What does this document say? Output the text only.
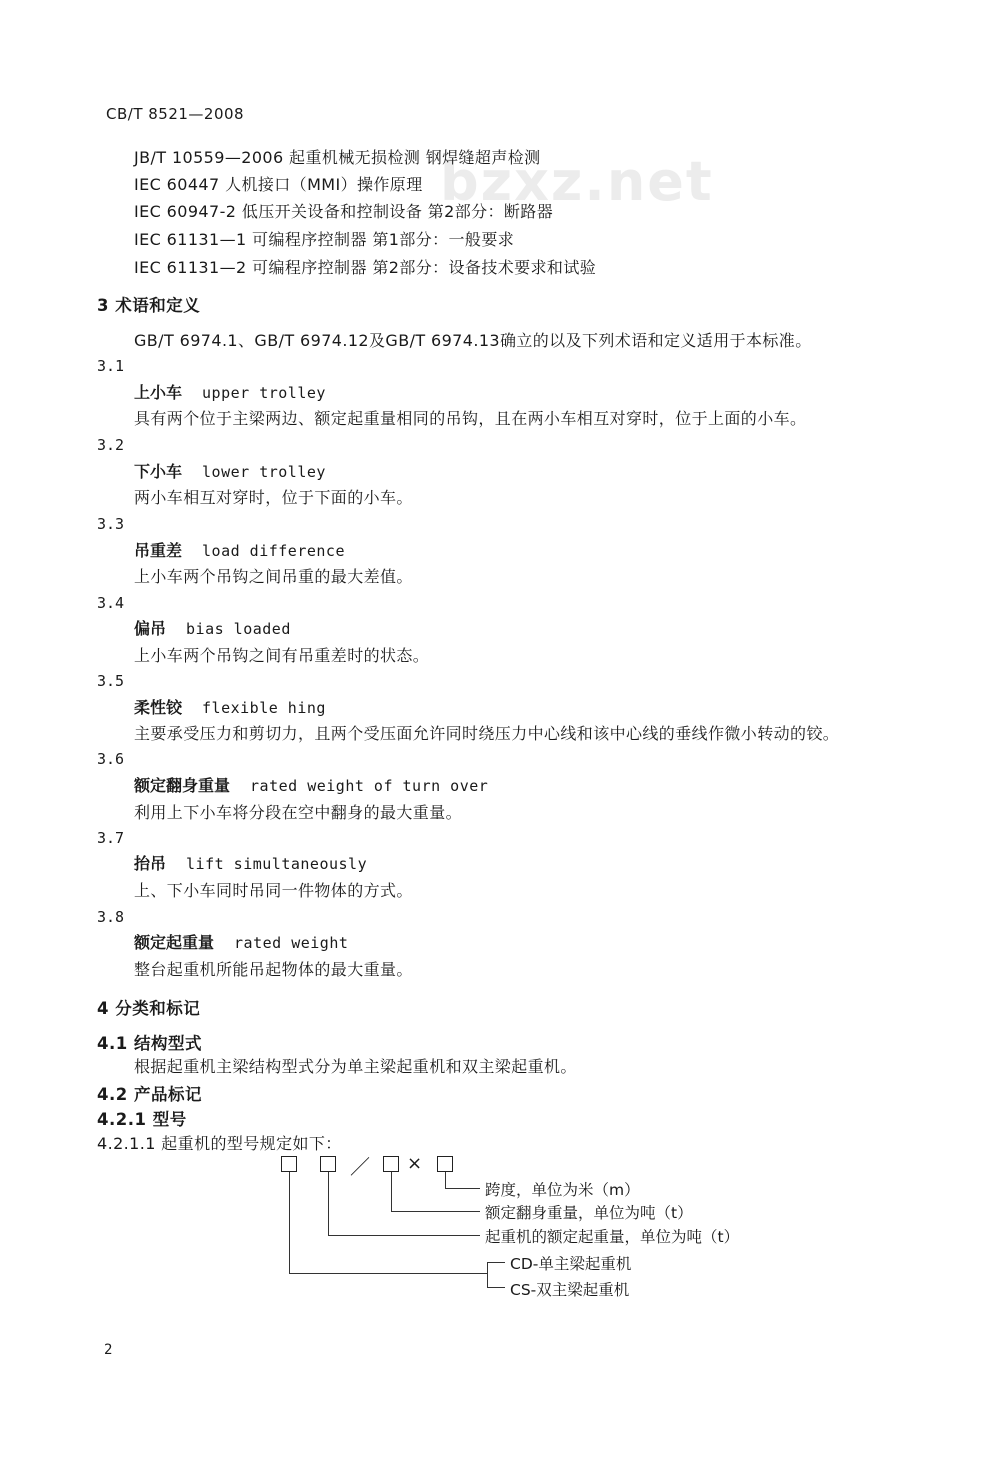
bzxz.net
CB/T 8521—2008
JB/T 10559—2006 起重机械无损检测 钢焊缝超声检测
IEC 60447 人机接口（MMI）操作原理
IEC 60947-2 低压开关设备和控制设备 第2部分：断路器
IEC 61131—1 可编程序控制器 第1部分：一般要求
IEC 61131—2 可编程序控制器 第2部分：设备技术要求和试验
3 术语和定义
GB/T 6974.1、GB/T 6974.12及GB/T 6974.13确立的以及下列术语和定义适用于本标准。
3.1
上小车 upper trolley
具有两个位于主梁两边、额定起重量相同的吊钩，且在两小车相互对穿时，位于上面的小车。
3.2
下小车 lower trolley
两小车相互对穿时，位于下面的小车。
3.3
吊重差 load difference
上小车两个吊钩之间吊重的最大差值。
3.4
偏吊 bias loaded
上小车两个吊钩之间有吊重差时的状态。
3.5
柔性铰 flexible hing
主要承受压力和剪切力，且两个受压面允许同时绕压力中心线和该中心线的垂线作微小转动的铰。
3.6
额定翻身重量 rated weight of turn over
利用上下小车将分段在空中翻身的最大重量。
3.7
抬吊 lift simultaneously
上、下小车同时吊同一件物体的方式。
3.8
额定起重量 rated weight
整台起重机所能吊起物体的最大重量。
4 分类和标记
4.1 结构型式
根据起重机主梁结构型式分为单主梁起重机和双主梁起重机。
4.2 产品标记
4.2.1 型号
4.2.1.1 起重机的型号规定如下：
／ ×
跨度，单位为米（m）
额定翻身重量，单位为吨（t）
起重机的额定起重量，单位为吨（t）
CD-单主梁起重机
CS-双主梁起重机
2
